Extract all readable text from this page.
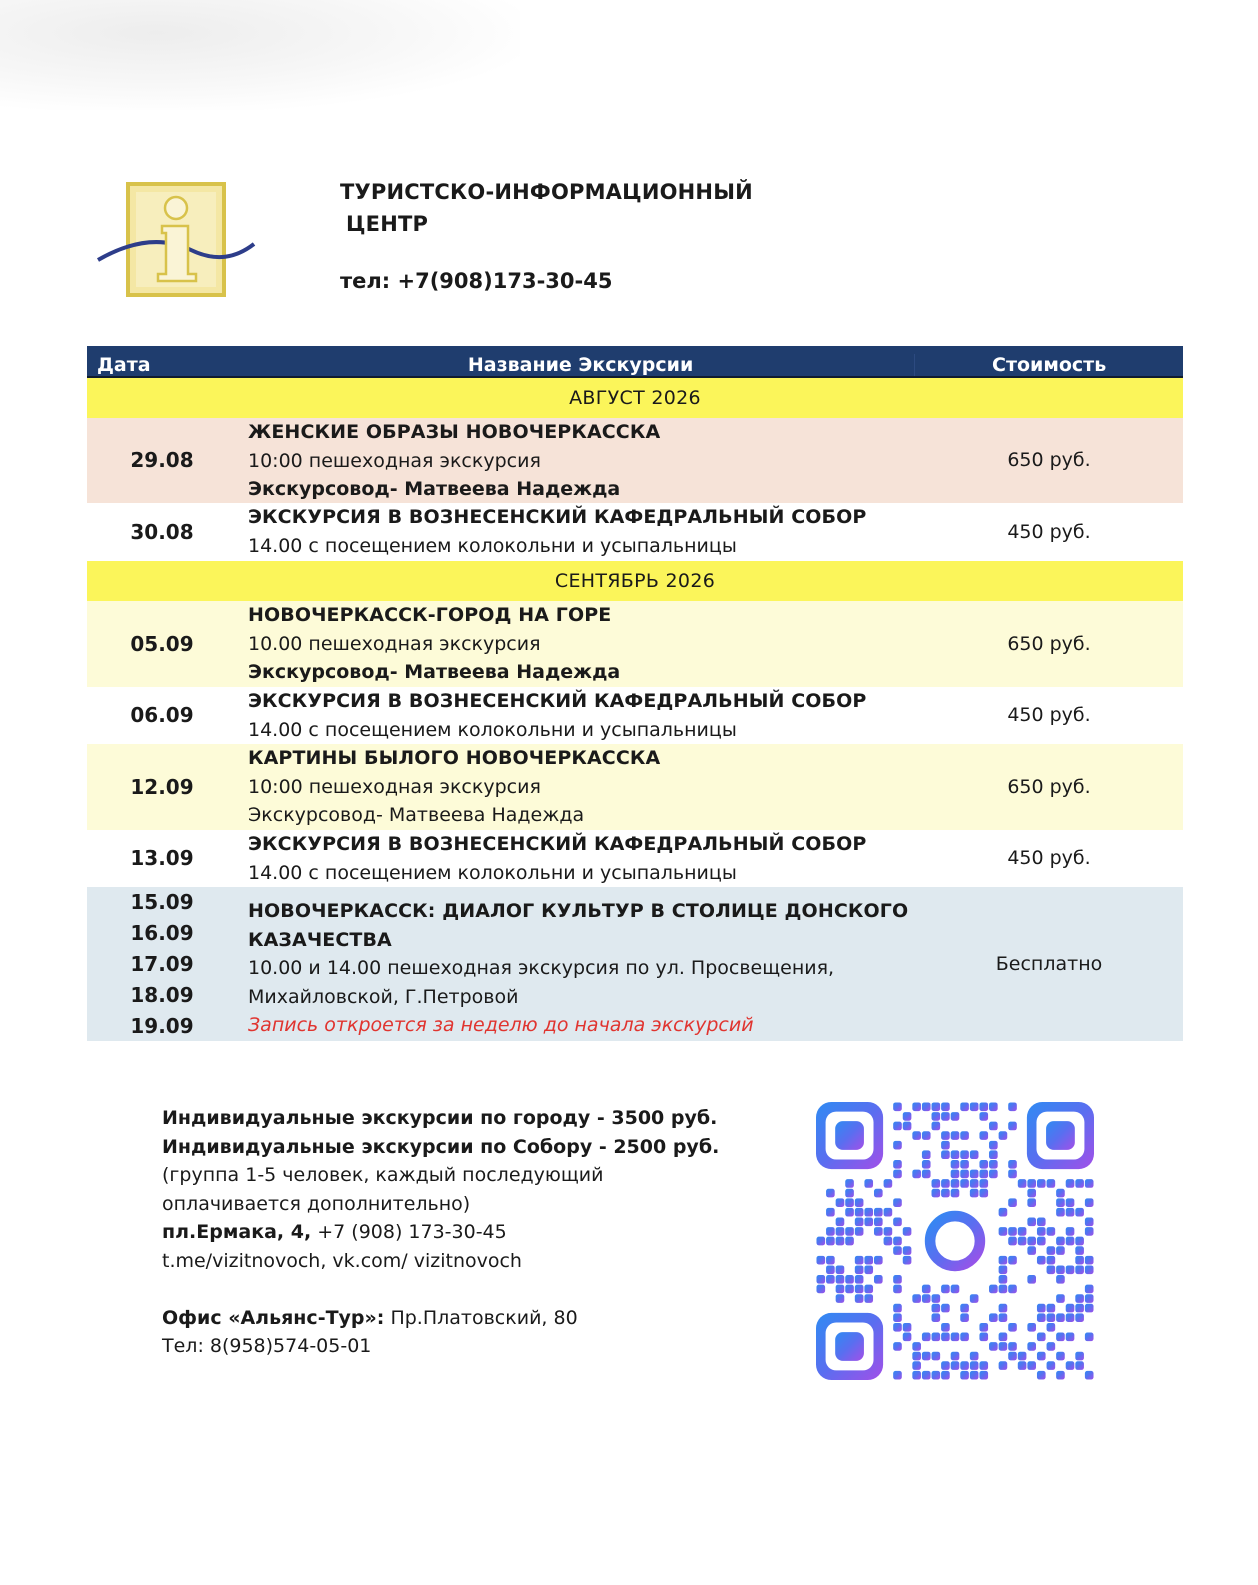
ТУРИСТСКО-ИНФОРМАЦИОННЫЙ
ЦЕНТР
тел: +7(908)173-30-45
Дата	Название Экскурсии	Стоимость
АВГУСТ 2026
29.08
ЖЕНСКИЕ ОБРАЗЫ НОВОЧЕРКАССКА
10:00 пешеходная экскурсия
Экскурсовод- Матвеева Надежда
650 руб.
30.08
ЭКСКУРСИЯ В ВОЗНЕСЕНСКИЙ КАФЕДРАЛЬНЫЙ СОБОР
14.00 с посещением колокольни и усыпальницы
450 руб.
СЕНТЯБРЬ 2026
05.09
НОВОЧЕРКАССК-ГОРОД НА ГОРЕ
10.00 пешеходная экскурсия
Экскурсовод- Матвеева Надежда
650 руб.
06.09
ЭКСКУРСИЯ В ВОЗНЕСЕНСКИЙ КАФЕДРАЛЬНЫЙ СОБОР
14.00 с посещением колокольни и усыпальницы
450 руб.
12.09
КАРТИНЫ БЫЛОГО НОВОЧЕРКАССКА
10:00 пешеходная экскурсия
Экскурсовод- Матвеева Надежда
650 руб.
13.09
ЭКСКУРСИЯ В ВОЗНЕСЕНСКИЙ КАФЕДРАЛЬНЫЙ СОБОР
14.00 с посещением колокольни и усыпальницы
450 руб.
15.09
16.09
17.09
18.09
19.09
НОВОЧЕРКАССК: ДИАЛОГ КУЛЬТУР В СТОЛИЦЕ ДОНСКОГО
КАЗАЧЕСТВА
10.00 и 14.00 пешеходная экскурсия по ул. Просвещения,
Михайловской, Г.Петровой
Запись откроется за неделю до начала экскурсий
Бесплатно
Индивидуальные экскурсии по городу - 3500 руб.
Индивидуальные экскурсии по Собору - 2500 руб.
(группа 1-5 человек, каждый последующий
оплачивается дополнительно)
пл.Ермака, 4, +7 (908) 173-30-45
t.me/vizitnovoch, vk.com/ vizitnovoch
Офис «Альянс-Тур»: Пр.Платовский, 80
Тел: 8(958)574-05-01
